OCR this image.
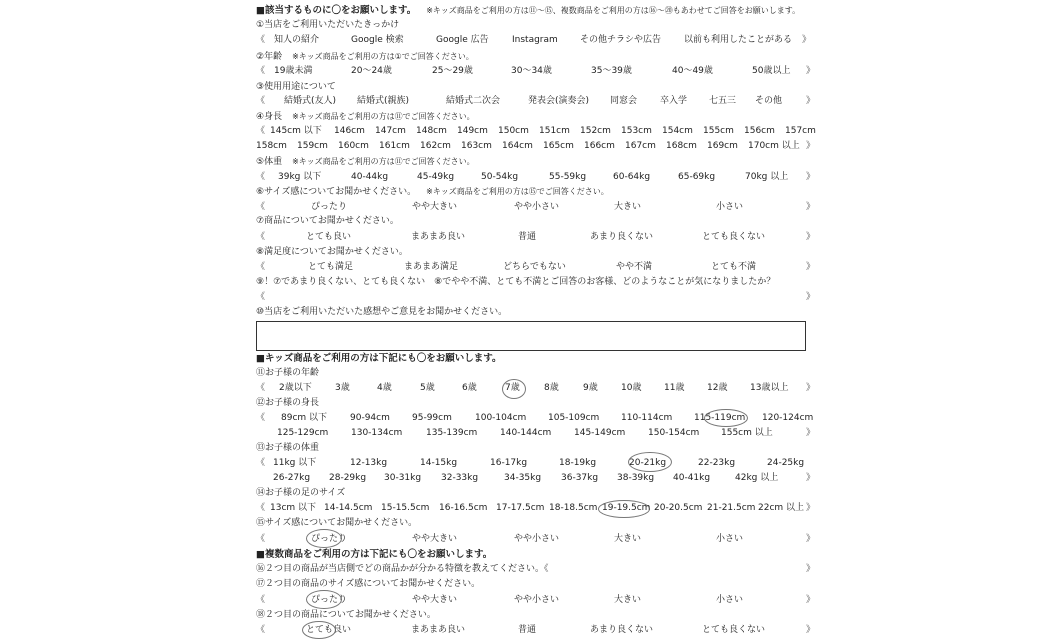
■該当するものに〇をお願いします。 ※キッズ商品をご利用の方は⑪〜⑮、複数商品をご利用の方は⑯〜⑳もあわせてご回答をお願いします。
①当店をご利用いただいたきっかけ
《 知人の紹介	Google 検索	Google 広告	Instagram その他チラシや広告	以前も利用したことがある 》
②年齢 ※キッズ商品をご利用の方は①でご回答ください。
《 19歳未満	20〜24歳	25〜29歳	30〜34歳	35〜39歳	40〜49歳	50歳以上 》
③使用用途について
《 結婚式(友人) 結婚式(親族)	結婚式二次会	発表会(演奏会) 同窓会	卒入学 七五三 その他	》
④身長 ※キッズ商品をご利用の方は⑪でご回答ください。
《 145cm 以下 146cm 147cm 148cm 149cm 150cm 151cm 152cm 153cm 154cm 155cm 156cm 157cm
158cm 159cm 160cm 161cm 162cm 163cm 164cm 165cm 166cm 167cm 168cm 169cm 170cm 以上 》
⑤体重 ※キッズ商品をご利用の方は⑪でご回答ください。
《 39kg 以下	40-44kg	45-49kg	50-54kg	55-59kg	60-64kg	65-69kg	70kg 以上 》
⑥サイズ感についてお聞かせください。 ※キッズ商品をご利用の方は⑮でご回答ください。
《	ぴったり	やや大きい	やや小さい	大きい	小さい	》
⑦商品についてお聞かせください。
《	とても良い	まあまあ良い	普通	あまり良くない	とても良くない	》
⑧満足度についてお聞かせください。
《	とても満足	まあまあ満足	どちらでもない	やや不満	とても不満	》
⑨！⑦であまり良くない、とても良くない　⑧でやや不満、とても不満とご回答のお客様、どのようなことが気になりましたか？
《	》
⑩当店をご利用いただいた感想やご意見をお聞かせください。
■キッズ商品をご利用の方は下記にも〇をお願いします。
⑪お子様の年齢
《 2歳以下	3歳	4歳	5歳	6歳	7歳	8歳	9歳	10歳	11歳	12歳	13歳以上 》
⑫お子様の身長
《 89cm 以下	90-94cm 95-99cm	100-104cm 105-109cm 110-114cm 115-119cm 120-124cm
125-129cm	130-134cm	135-139cm	140-144cm	145-149cm	150-154cm 155cm 以上	》
⑬お子様の体重
《 11kg 以下	12-13kg	14-15kg	16-17kg	18-19kg	20-21kg	22-23kg	24-25kg
26-27kg 28-29kg 30-31kg 32-33kg	34-35kg 36-37kg 38-39kg 40-41kg	42kg 以上	》
⑭お子様の足のサイズ
《 13cm 以下 14-14.5cm 15-15.5cm 16-16.5cm 17-17.5cm 18-18.5cm 19-19.5cm 20-20.5cm 21-21.5cm 22cm 以上 》
⑮サイズ感についてお聞かせください。
《	ぴったり	やや大きい	やや小さい	大きい	小さい	》
■複数商品をご利用の方は下記にも〇をお願いします。
⑯２つ目の商品が当店側でどの商品かが分かる特徴を教えてください。《	》
⑰２つ目の商品のサイズ感についてお聞かせください。
《	ぴったり	やや大きい	やや小さい	大きい	小さい	》
⑱２つ目の商品についてお聞かせください。
《	とても良い	まあまあ良い	普通	あまり良くない	とても良くない	》
